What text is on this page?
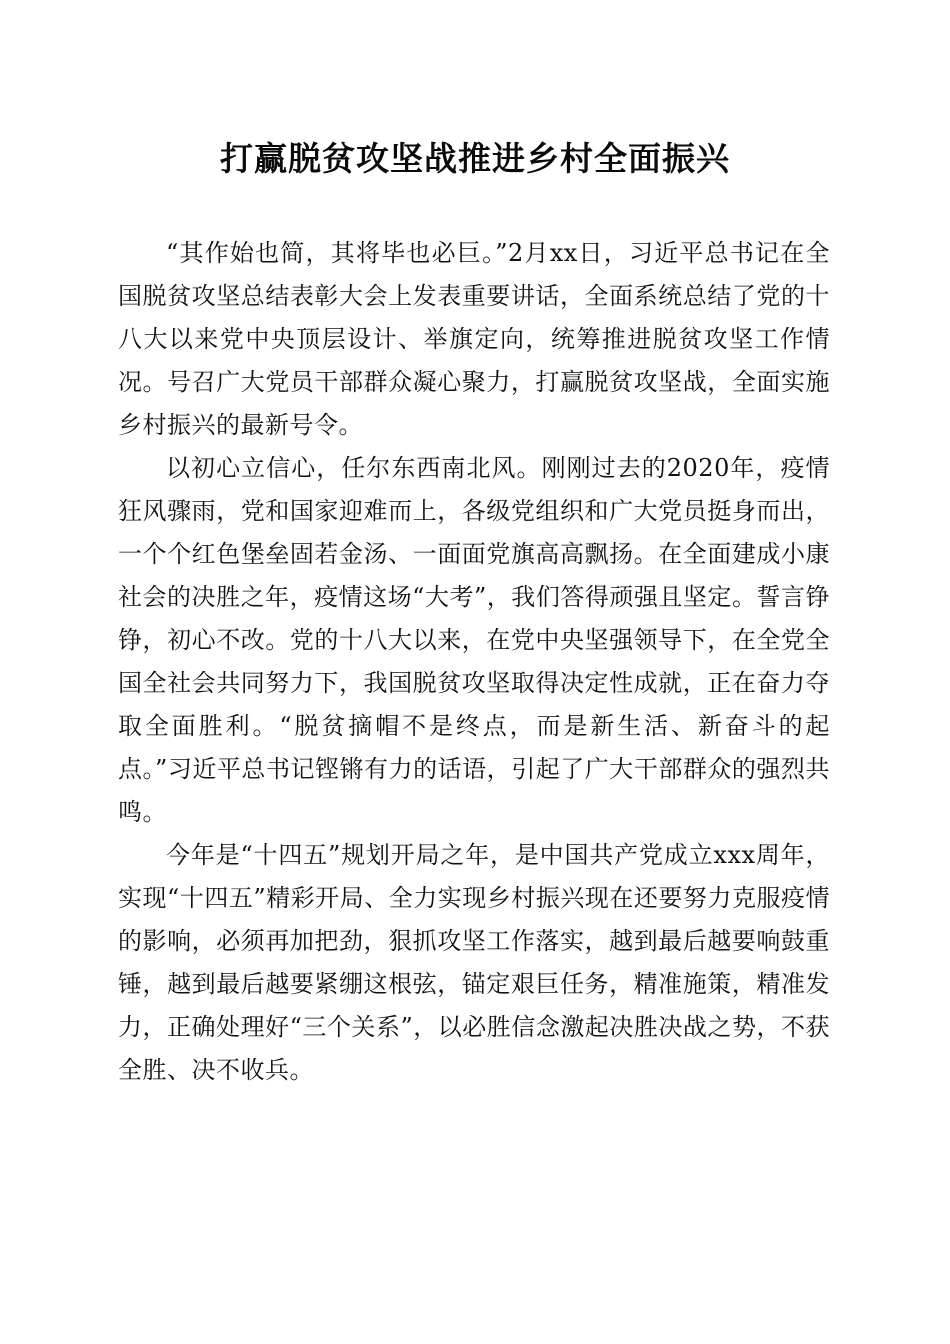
打赢脱贫攻坚战推进乡村全面振兴

“其作始也简，其将毕也必巨。”2月xx日，习近平总书记在全国脱贫攻坚总结表彰大会上发表重要讲话，全面系统总结了党的十八大以来党中央顶层设计、举旗定向，统筹推进脱贫攻坚工作情况。号召广大党员干部群众凝心聚力，打赢脱贫攻坚战，全面实施乡村振兴的最新号令。

以初心立信心，任尔东西南北风。刚刚过去的2020年，疫情狂风骤雨，党和国家迎难而上，各级党组织和广大党员挺身而出，一个个红色堡垒固若金汤、一面面党旗高高飘扬。在全面建成小康社会的决胜之年，疫情这场“大考”，我们答得顽强且坚定。誓言铮铮，初心不改。党的十八大以来，在党中央坚强领导下，在全党全国全社会共同努力下，我国脱贫攻坚取得决定性成就，正在奋力夺取全面胜利。“脱贫摘帽不是终点，而是新生活、新奋斗的起点。”习近平总书记铿锵有力的话语，引起了广大干部群众的强烈共鸣。

今年是“十四五”规划开局之年，是中国共产党成立xxx周年，实现“十四五”精彩开局、全力实现乡村振兴现在还要努力克服疫情的影响，必须再加把劲，狠抓攻坚工作落实，越到最后越要响鼓重锤，越到最后越要紧绷这根弦，锚定艰巨任务，精准施策，精准发力，正确处理好“三个关系”，以必胜信念激起决胜决战之势，不获全胜、决不收兵。
